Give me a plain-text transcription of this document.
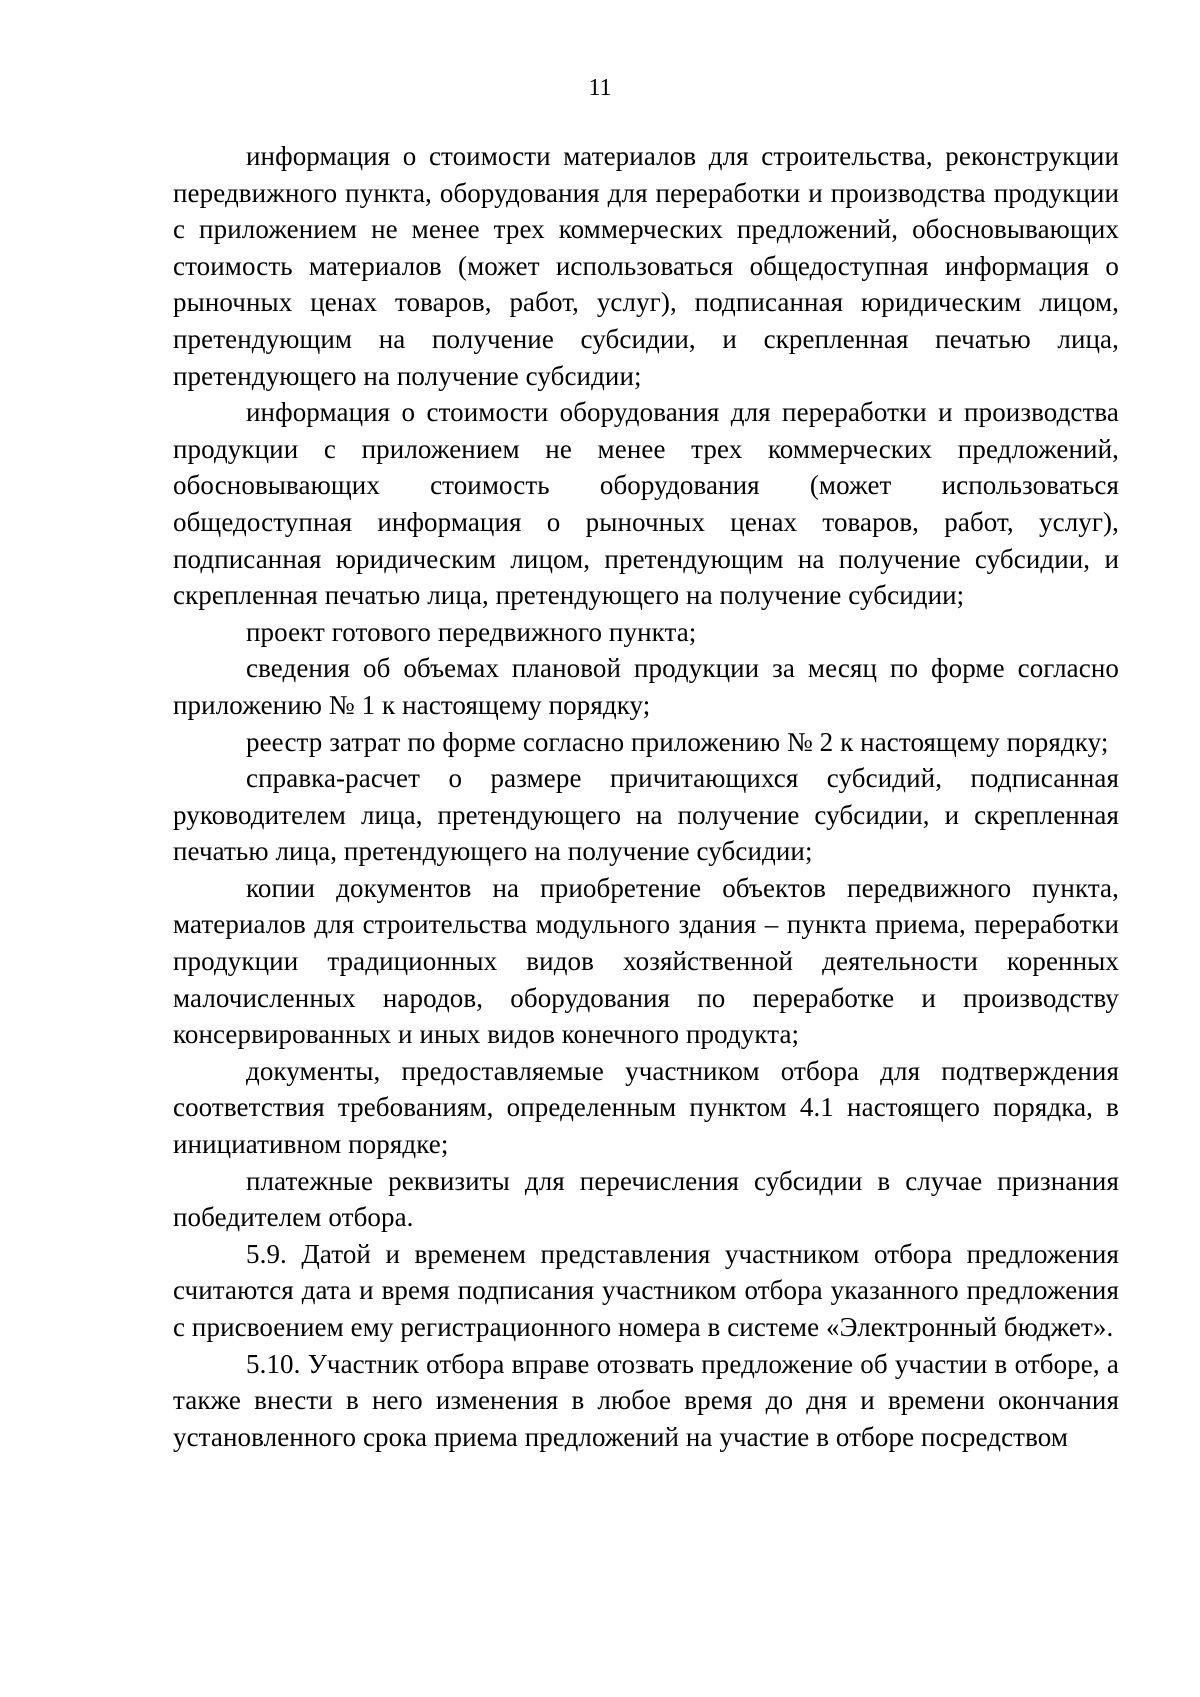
11

информация о стоимости материалов для строительства, реконструкции передвижного пункта, оборудования для переработки и производства продукции с приложением не менее трех коммерческих предложений, обосновывающих стоимость материалов (может использоваться общедоступная информация о рыночных ценах товаров, работ, услуг), подписанная юридическим лицом, претендующим на получение субсидии, и скрепленная печатью лица, претендующего на получение субсидии;

информация о стоимости оборудования для переработки и производства продукции с приложением не менее трех коммерческих предложений, обосновывающих стоимость оборудования (может использоваться общедоступная информация о рыночных ценах товаров, работ, услуг), подписанная юридическим лицом, претендующим на получение субсидии, и скрепленная печатью лица, претендующего на получение субсидии;

проект готового передвижного пункта;

сведения об объемах плановой продукции за месяц по форме согласно приложению № 1 к настоящему порядку;

реестр затрат по форме согласно приложению № 2 к настоящему порядку;

справка-расчет о размере причитающихся субсидий, подписанная руководителем лица, претендующего на получение субсидии, и скрепленная печатью лица, претендующего на получение субсидии;

копии документов на приобретение объектов передвижного пункта, материалов для строительства модульного здания – пункта приема, переработки продукции традиционных видов хозяйственной деятельности коренных малочисленных народов, оборудования по переработке и производству консервированных и иных видов конечного продукта;

документы, предоставляемые участником отбора для подтверждения соответствия требованиям, определенным пунктом 4.1 настоящего порядка, в инициативном порядке;

платежные реквизиты для перечисления субсидии в случае признания победителем отбора.

5.9. Датой и временем представления участником отбора предложения считаются дата и время подписания участником отбора указанного предложения с присвоением ему регистрационного номера в системе «Электронный бюджет».

5.10. Участник отбора вправе отозвать предложение об участии в отборе, а также внести в него изменения в любое время до дня и времени окончания установленного срока приема предложений на участие в отборе посредством
